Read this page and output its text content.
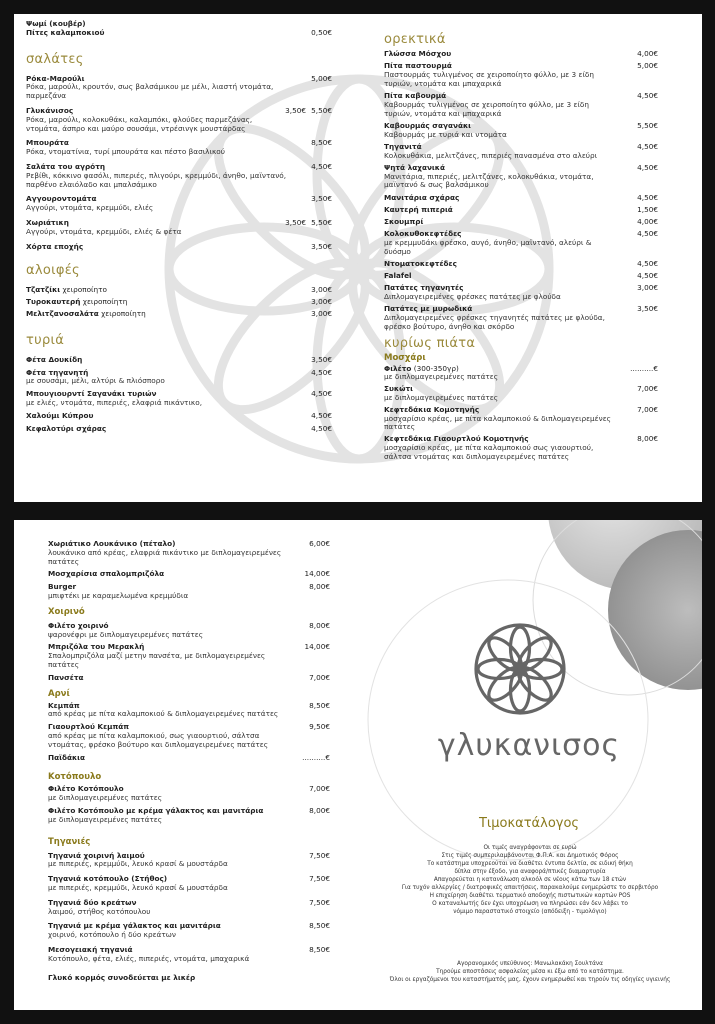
Ψωμί (κουβέρ)
Πίτες καλαμποκιού	0,50€
σαλάτες
Ρόκα-Μαρούλι
Ρόκα, μαρούλι, κρουτόν, σως βαλσάμικου με μέλι, λιαστή ντομάτα, παρμεζάνα
5,00€
Γλυκάνισος
Ρόκα, μαρούλι, κολοκυθάκι, καλαμπόκι, φλούδες παρμεζάνας, ντομάτα, άσπρο και μαύρο σουσάμι, ντρέσινγκ μουστάρδας
3,50€ 5,50€
Μπουράτα
Ρόκα, ντοματίνια, τυρί μπουράτα και πέστο βασιλικού
8,50€
Σαλάτα του αγρότη
Ρεβίθι, κόκκινο φασόλι, πιπεριές, πλιγούρι, κρεμμύδι, άνηθο, μαϊντανό, παρθένο ελαιόλαδο και μπαλσάμικο
4,50€
Αγγουροντομάτα
Αγγούρι, ντομάτα, κρεμμύδι, ελιές
3,50€
Χωριάτικη
Αγγούρι, ντομάτα, κρεμμύδι, ελιές & φέτα
3,50€ 5,50€
Χόρτα εποχής	3,50€
αλοιφές
Τζατζίκι χειροποίητο	3,00€
Τυροκαυτερή χειροποίητη	3,00€
Μελιτζανοσαλάτα χειροποίητη	3,00€
τυριά
Φέτα Δουκίδη	3,50€
Φέτα τηγανητή
με σουσάμι, μέλι, αλτύρι & πλιόσπορο
4,50€
Μπουγιουρντί Σαγανάκι τυριών
με ελιές, ντομάτα, πιπεριές, ελαφριά πικάντικο,
4,50€
Χαλούμι Κύπρου	4,50€
Κεφαλοτύρι σχάρας	4,50€
ορεκτικά
Γλώσσα Μόσχου	4,00€
Πίτα παστουρμά
Παστουρμάς τυλιγμένος σε χειροποίητο φύλλο, με 3 είδη τυριών, ντομάτα και μπαχαρικά
5,00€
Πίτα καβουρμά
Καβουρμάς τυλιγμένος σε χειροποίητο φύλλο, με 3 είδη τυριών, ντομάτα και μπαχαρικά
4,50€
Καβουρμάς σαγανάκι
Καβουρμάς με τυριά και ντομάτα
5,50€
Τηγανιτά
Κολοκυθάκια, μελιτζάνες, πιπεριές πανασμένα στο αλεύρι
4,50€
Ψητά λαχανικά
Μανιτάρια, πιπεριές, μελιτζάνες, κολοκυθάκια, ντομάτα, μαϊντανό & σως βαλσάμικου
4,50€
Μανιτάρια σχάρας	4,50€
Καυτερή πιπεριά	1,50€
Σκουμπρί	4,00€
Κολοκυθοκεφτέδες
με κρεμμυδάκι φρέσκο, αυγό, άνηθο, μαϊντανό, αλεύρι & δυόσμο
4,50€
Ντοματοκεφτέδες	4,50€
Falafel	4,50€
Πατάτες τηγανητές
Διπλομαγειρεμένες φρέσκες πατάτες με φλούδα
3,00€
Πατάτες με μυρωδικά
Διπλομαγειρεμένες φρέσκες τηγανητές πατάτες με φλούδα, φρέσκο βούτυρο, άνηθο και σκόρδο
3,50€
κυρίως πιάτα
Μοσχάρι
Φιλέτο (300-350γρ)
με διπλομαγειρεμένες πατάτες
..........€
Συκώτι
με διπλομαγειρεμένες πατάτες
7,00€
Κεφτεδάκια Κομοτηνής
μοσχαρίσιο κρέας, με πίτα καλαμποκιού & διπλομαγειρεμένες πατάτες
7,00€
Κεφτεδάκια Γιαουρτλού Κομοτηνής
μοσχαρίσιο κρέας, με πίτα καλαμποκιού σως γιαουρτιού, σάλτσα ντομάτας και διπλομαγειρεμένες πατάτες
8,00€
Χωριάτικο Λουκάνικο (πέταλο)
λουκάνικο από κρέας, ελαφριά πικάντικο με διπλομαγειρεμένες πατάτες
6,00€
Μοσχαρίσια σπαλομπριζόλα	14,00€
Burger
μπιφτέκι με καραμελωμένα κρεμμύδια
8,00€
Χοιρινό
Φιλέτο χοιρινό
ψαρονέφρι με διπλομαγειρεμένες πατάτες
8,00€
Μπριζόλα του Μερακλή
Σπαλομπριζόλα μαζί μετην πανσέτα, με διπλομαγειρεμένες πατάτες
14,00€
Πανσέτα	7,00€
Αρνί
Κεμπάπ
από κρέας με πίτα καλαμποκιού & διπλομαγειρεμένες πατάτες
8,50€
Γιαουρτλού Κεμπάπ
από κρέας με πίτα καλαμποκιού, σως γιαουρτιού, σάλτσα ντομάτας, φρέσκο βούτυρο και διπλομαγειρεμένες πατάτες
9,50€
Παϊδάκια	..........€
Κοτόπουλο
Φιλέτο Κοτόπουλο
με διπλομαγειρεμένες πατάτες
7,00€
Φιλέτο Κοτόπουλο με κρέμα γάλακτος και μανιτάρια
με διπλομαγειρεμένες πατάτες
8,00€
Τηγανιές
Τηγανιά χοιρινή λαιμού
με πιπεριές, κρεμμύδι, λευκό κρασί & μουστάρδα
7,50€
Τηγανιά κοτόπουλο (Στήθος)
με πιπεριές, κρεμμύδι, λευκό κρασί & μουστάρδα
7,50€
Τηγανιά δύο κρεάτων
λαιμού, στήθος κοτόπουλου
7,50€
Τηγανιά με κρέμα γάλακτος και μανιτάρια
χοιρινό, κοτόπουλο ή δύο κρεάτων
8,50€
Μεσογειακή τηγανιά
Κοτόπουλο, φέτα, ελιές, πιπεριές, ντομάτα, μπαχαρικά
8,50€
Γλυκό κορμός συνοδεύεται με λικέρ
γλυκανισος
Τιμοκατάλογος
Οι τιμές αναγράφονται σε ευρώ
Στις τιμές συμπεριλαμβάνονται Φ.Π.Α. και Δημοτικός Φόρος
Το κατάστημα υποχρεούται να διαθέτει έντυπα δελτία, σε ειδική θήκη
δίπλα στην έξοδο, για αναφορά/πτικές διαμαρτυρία
Απαγορεύεται η κατανάλωση αλκοόλ σε νέους κάτω των 18 ετών
Για τυχόν αλλεργίες / διατροφικές απαιτήσεις, παρακαλούμε ενημερώστε το σερβιτόρο
Η επιχείρηση διαθέτει τερματικό αποδοχής πιστωτικών καρτών POS
Ο καταναλωτής δεν έχει υποχρέωση να πληρώσει εάν δεν λάβει το
νόμιμο παραστατικό στοιχείο (απόδειξη - τιμολόγιο)
Αγορανομικός υπεύθυνος: Μανωλακάκη Σουλτάνα
Τηρούμε αποστάσεις ασφαλείας μέσα κι έξω από το κατάστημα.
Όλοι οι εργαζόμενοι του καταστήματός μας, έχουν ενημερωθεί και τηρούν τις οδηγίες υγιεινής
